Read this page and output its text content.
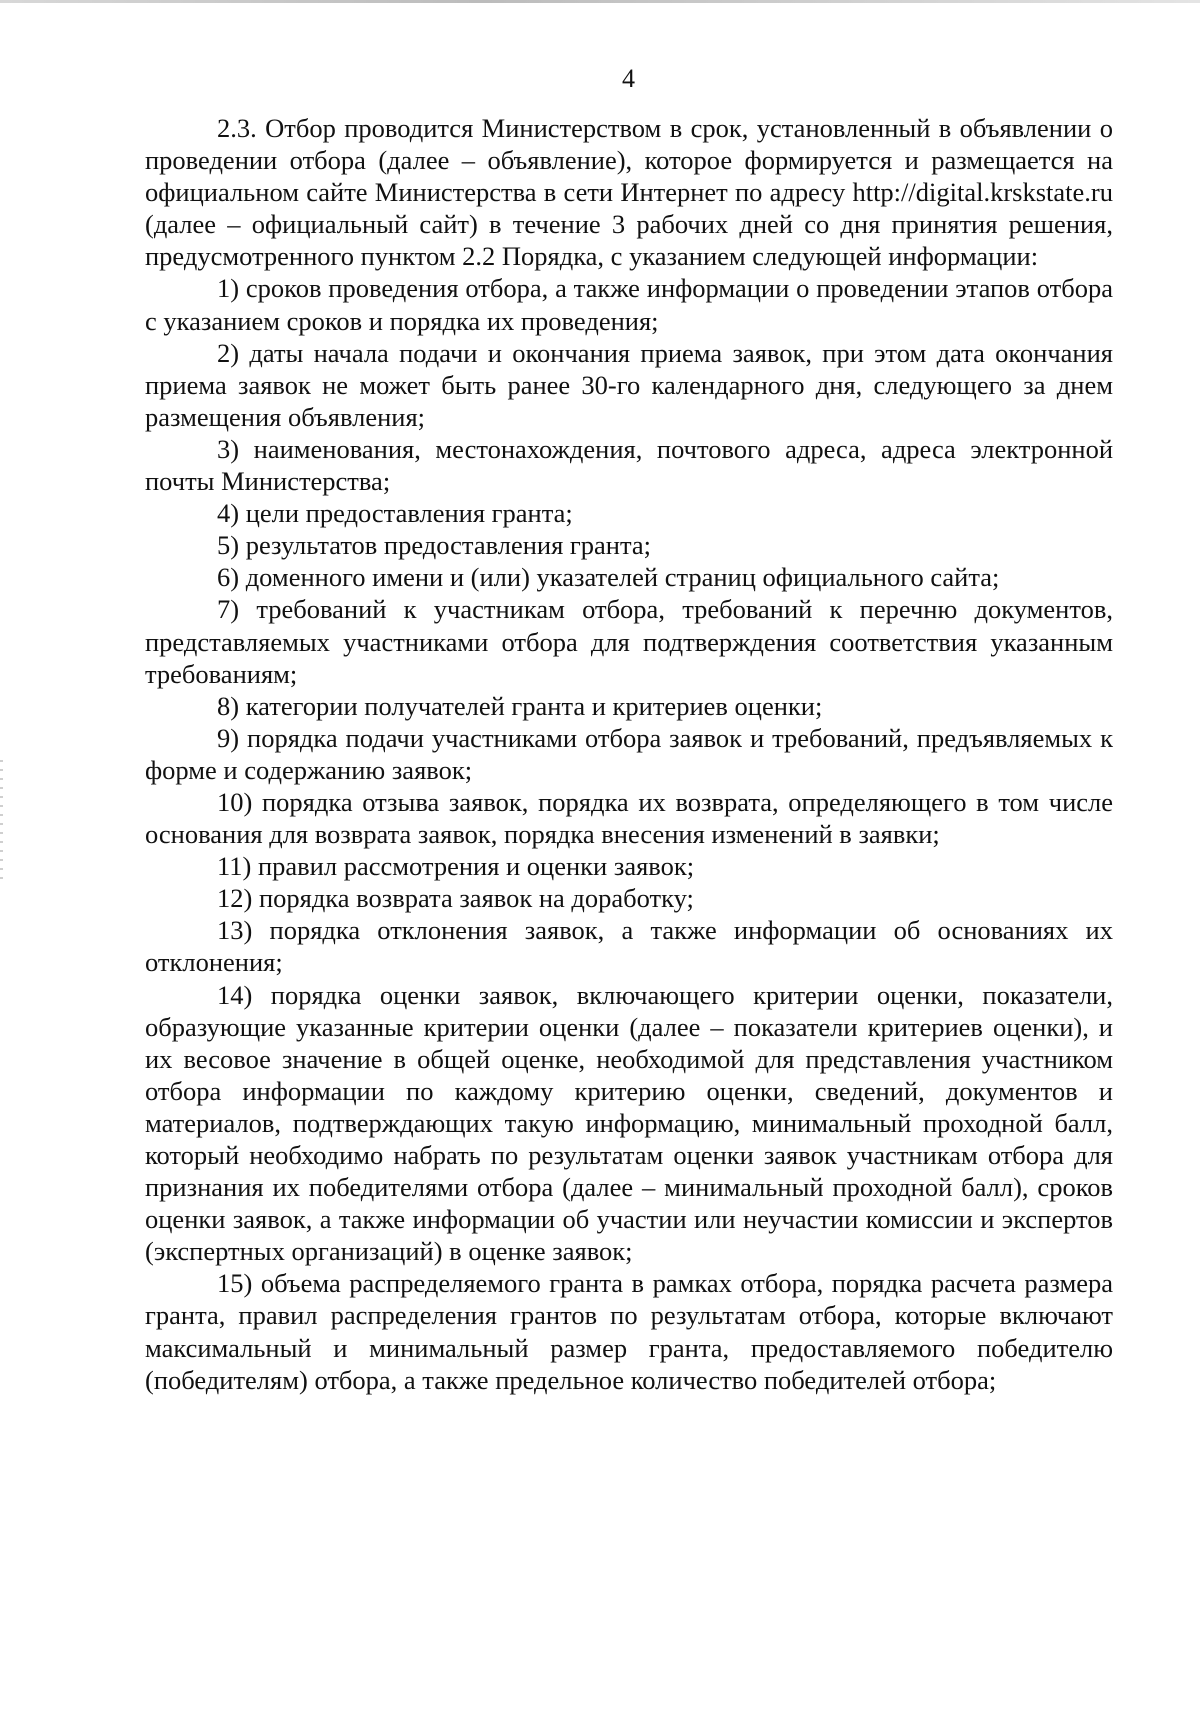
4

2.3. Отбор проводится Министерством в срок, установленный в объявлении о проведении отбора (далее – объявление), которое формируется и размещается на официальном сайте Министерства в сети Интернет по адресу http://digital.krskstate.ru (далее – официальный сайт) в течение 3 рабочих дней со дня принятия решения, предусмотренного пунктом 2.2 Порядка, с указанием следующей информации:

1) сроков проведения отбора, а также информации о проведении этапов отбора с указанием сроков и порядка их проведения;

2) даты начала подачи и окончания приема заявок, при этом дата окончания приема заявок не может быть ранее 30-го календарного дня, следующего за днем размещения объявления;

3) наименования, местонахождения, почтового адреса, адреса электронной почты Министерства;

4) цели предоставления гранта;

5) результатов предоставления гранта;

6) доменного имени и (или) указателей страниц официального сайта;

7) требований к участникам отбора, требований к перечню документов, представляемых участниками отбора для подтверждения соответствия указанным требованиям;

8) категории получателей гранта и критериев оценки;

9) порядка подачи участниками отбора заявок и требований, предъявляемых к форме и содержанию заявок;

10) порядка отзыва заявок, порядка их возврата, определяющего в том числе основания для возврата заявок, порядка внесения изменений в заявки;

11) правил рассмотрения и оценки заявок;

12) порядка возврата заявок на доработку;

13) порядка отклонения заявок, а также информации об основаниях их отклонения;

14) порядка оценки заявок, включающего критерии оценки, показатели, образующие указанные критерии оценки (далее – показатели критериев оценки), и их весовое значение в общей оценке, необходимой для представления участником отбора информации по каждому критерию оценки, сведений, документов и материалов, подтверждающих такую информацию, минимальный проходной балл, который необходимо набрать по результатам оценки заявок участникам отбора для признания их победителями отбора (далее – минимальный проходной балл), сроков оценки заявок, а также информации об участии или неучастии комиссии и экспертов (экспертных организаций) в оценке заявок;

15) объема распределяемого гранта в рамках отбора, порядка расчета размера гранта, правил распределения грантов по результатам отбора, которые включают максимальный и минимальный размер гранта, предоставляемого победителю (победителям) отбора, а также предельное количество победителей отбора;
